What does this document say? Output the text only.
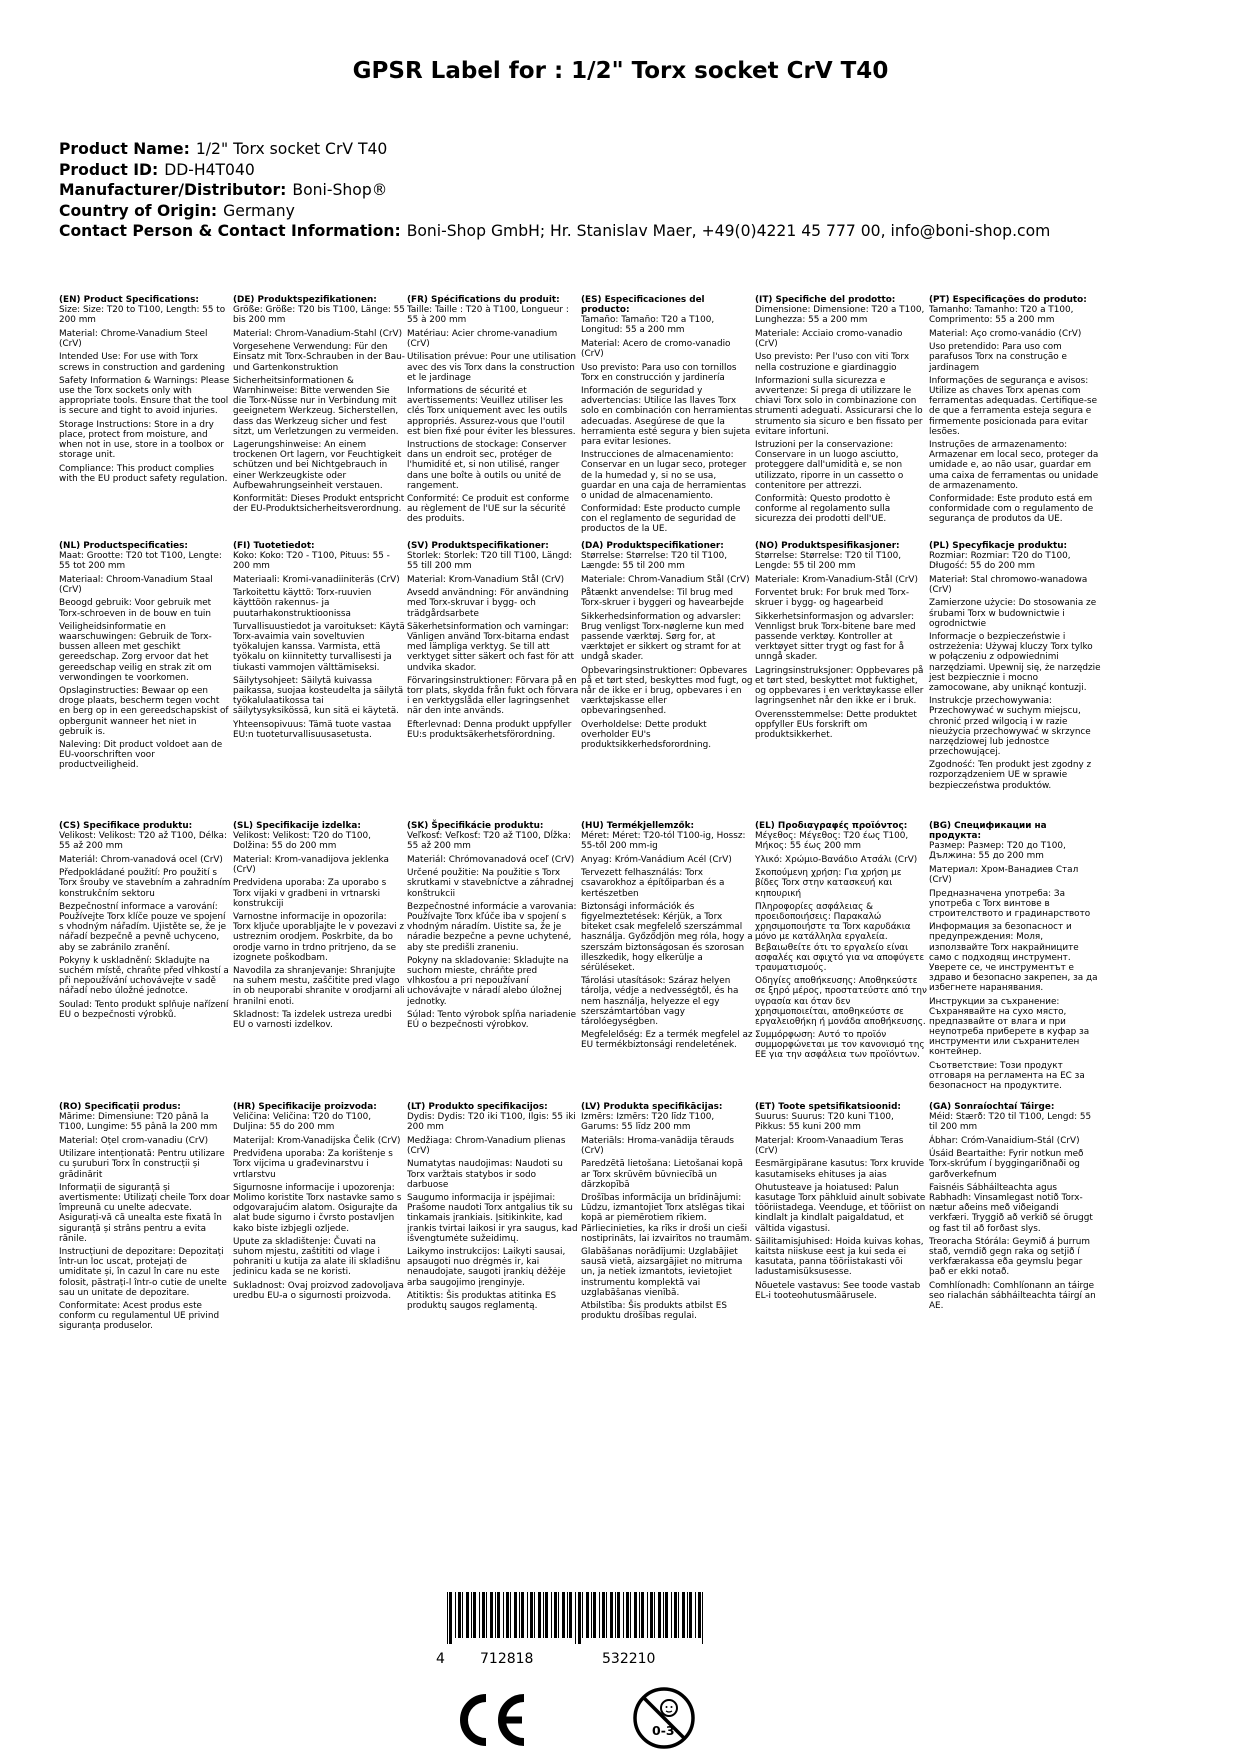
GPSR Label for : 1/2" Torx socket CrV T40
Product Name: 1/2" Torx socket CrV T40
Product ID: DD-H4T040
Manufacturer/Distributor: Boni-Shop®
Country of Origin: Germany
Contact Person & Contact Information: Boni-Shop GmbH; Hr. Stanislav Maer, +49(0)4221 45 777 00, info@boni-shop.com
(EN) Product Specifications:

Size: Size: T20 to T100, Length: 55 to 200 mm

Material: Chrome-Vanadium Steel (CrV)

Intended Use: For use with Torx screws in construction and gardening

Safety Information & Warnings: Please use the Torx sockets only with appropriate tools. Ensure that the tool is secure and tight to avoid injuries.

Storage Instructions: Store in a dry place, protect from moisture, and when not in use, store in a toolbox or storage unit.

Compliance: This product complies with the EU product safety regulation.

(DE) Produktspezifikationen:

Größe: Größe: T20 bis T100, Länge: 55 bis 200 mm

Material: Chrom-Vanadium-Stahl (CrV)

Vorgesehene Verwendung: Für den Einsatz mit Torx-Schrauben in der Bau- und Gartenkonstruktion

Sicherheitsinformationen & Warnhinweise: Bitte verwenden Sie die Torx-Nüsse nur in Verbindung mit geeignetem Werkzeug. Sicherstellen, dass das Werkzeug sicher und fest sitzt, um Verletzungen zu vermeiden.

Lagerungshinweise: An einem trockenen Ort lagern, vor Feuchtigkeit schützen und bei Nichtgebrauch in einer Werkzeugkiste oder Aufbewahrungseinheit verstauen.

Konformität: Dieses Produkt entspricht der EU-Produktsicherheitsverordnung.

(FR) Spécifications du produit:

Taille: Taille : T20 à T100, Longueur : 55 à 200 mm

Matériau: Acier chrome-vanadium (CrV)

Utilisation prévue: Pour une utilisation avec des vis Torx dans la construction et le jardinage

Informations de sécurité et avertissements: Veuillez utiliser les clés Torx uniquement avec les outils appropriés. Assurez-vous que l'outil est bien fixé pour éviter les blessures.

Instructions de stockage: Conserver dans un endroit sec, protéger de l'humidité et, si non utilisé, ranger dans une boîte à outils ou unité de rangement.

Conformité: Ce produit est conforme au règlement de l'UE sur la sécurité des produits.

(ES) Especificaciones del producto:

Tamaño: Tamaño: T20 a T100, Longitud: 55 a 200 mm

Material: Acero de cromo-vanadio (CrV)

Uso previsto: Para uso con tornillos Torx en construcción y jardinería

Información de seguridad y advertencias: Utilice las llaves Torx solo en combinación con herramientas adecuadas. Asegúrese de que la herramienta esté segura y bien sujeta para evitar lesiones.

Instrucciones de almacenamiento: Conservar en un lugar seco, proteger de la humedad y, si no se usa, guardar en una caja de herramientas o unidad de almacenamiento.

Conformidad: Este producto cumple con el reglamento de seguridad de productos de la UE.

(IT) Specifiche del prodotto:

Dimensione: Dimensione: T20 a T100, Lunghezza: 55 a 200 mm

Materiale: Acciaio cromo-vanadio (CrV)

Uso previsto: Per l'uso con viti Torx nella costruzione e giardinaggio

Informazioni sulla sicurezza e avvertenze: Si prega di utilizzare le chiavi Torx solo in combinazione con strumenti adeguati. Assicurarsi che lo strumento sia sicuro e ben fissato per evitare infortuni.

Istruzioni per la conservazione: Conservare in un luogo asciutto, proteggere dall'umidità e, se non utilizzato, riporre in un cassetto o contenitore per attrezzi.

Conformità: Questo prodotto è conforme al regolamento sulla sicurezza dei prodotti dell'UE.

(PT) Especificações do produto:

Tamanho: Tamanho: T20 a T100, Comprimento: 55 a 200 mm

Material: Aço cromo-vanádio (CrV)

Uso pretendido: Para uso com parafusos Torx na construção e jardinagem

Informações de segurança e avisos: Utilize as chaves Torx apenas com ferramentas adequadas. Certifique-se de que a ferramenta esteja segura e firmemente posicionada para evitar lesões.

Instruções de armazenamento: Armazenar em local seco, proteger da umidade e, ao não usar, guardar em uma caixa de ferramentas ou unidade de armazenamento.

Conformidade: Este produto está em conformidade com o regulamento de segurança de produtos da UE.

(NL) Productspecificaties:

Maat: Grootte: T20 tot T100, Lengte: 55 tot 200 mm

Materiaal: Chroom-Vanadium Staal (CrV)

Beoogd gebruik: Voor gebruik met Torx-schroeven in de bouw en tuin

Veiligheidsinformatie en waarschuwingen: Gebruik de Torx-bussen alleen met geschikt gereedschap. Zorg ervoor dat het gereedschap veilig en strak zit om verwondingen te voorkomen.

Opslaginstructies: Bewaar op een droge plaats, bescherm tegen vocht en berg op in een gereedschapskist of opbergunit wanneer het niet in gebruik is.

Naleving: Dit product voldoet aan de EU-voorschriften voor productveiligheid.

(FI) Tuotetiedot:

Koko: Koko: T20 - T100, Pituus: 55 - 200 mm

Materiaali: Kromi-vanadiiniteräs (CrV)

Tarkoitettu käyttö: Torx-ruuvien käyttöön rakennus- ja puutarhakonstruktioonissa

Turvallisuustiedot ja varoitukset: Käytä Torx-avaimia vain soveltuvien työkalujen kanssa. Varmista, että työkalu on kiinnitetty turvallisesti ja tiukasti vammojen välttämiseksi.

Säilytysohjeet: Säilytä kuivassa paikassa, suojaa kosteudelta ja säilytä työkalulaatikossa tai säilytysyksikössä, kun sitä ei käytetä.

Yhteensopivuus: Tämä tuote vastaa EU:n tuoteturvallisuusasetusta.

(SV) Produktspecifikationer:

Storlek: Storlek: T20 till T100, Längd: 55 till 200 mm

Material: Krom-Vanadium Stål (CrV)

Avsedd användning: För användning med Torx-skruvar i bygg- och trädgårdsarbete

Säkerhetsinformation och varningar: Vänligen använd Torx-bitarna endast med lämpliga verktyg. Se till att verktyget sitter säkert och fast för att undvika skador.

Förvaringsinstruktioner: Förvara på en torr plats, skydda från fukt och förvara i en verktygslåda eller lagringsenhet när den inte används.

Efterlevnad: Denna produkt uppfyller EU:s produktsäkerhetsförordning.

(DA) Produktspecifikationer:

Størrelse: Størrelse: T20 til T100, Længde: 55 til 200 mm

Materiale: Chrom-Vanadium Stål (CrV)

Påtænkt anvendelse: Til brug med Torx-skruer i byggeri og havearbejde

Sikkerhedsinformation og advarsler: Brug venligst Torx-nøglerne kun med passende værktøj. Sørg for, at værktøjet er sikkert og stramt for at undgå skader.

Opbevaringsinstruktioner: Opbevares på et tørt sted, beskyttes mod fugt, og når de ikke er i brug, opbevares i en værktøjskasse eller opbevaringsenhed.

Overholdelse: Dette produkt overholder EU's produktsikkerhedsforordning.

(NO) Produktspesifikasjoner:

Størrelse: Størrelse: T20 til T100, Lengde: 55 til 200 mm

Materiale: Krom-Vanadium-Stål (CrV)

Forventet bruk: For bruk med Torx-skruer i bygg- og hagearbeid

Sikkerhetsinformasjon og advarsler: Vennligst bruk Torx-bitene bare med passende verktøy. Kontroller at verktøyet sitter trygt og fast for å unngå skader.

Lagringsinstruksjoner: Oppbevares på et tørt sted, beskyttet mot fuktighet, og oppbevares i en verktøykasse eller lagringsenhet når den ikke er i bruk.

Overensstemmelse: Dette produktet oppfyller EUs forskrift om produktsikkerhet.

(PL) Specyfikacje produktu:

Rozmiar: Rozmiar: T20 do T100, Długość: 55 do 200 mm

Materiał: Stal chromowo-wanadowa (CrV)

Zamierzone użycie: Do stosowania ze śrubami Torx w budownictwie i ogrodnictwie

Informacje o bezpieczeństwie i ostrzeżenia: Używaj kluczy Torx tylko w połączeniu z odpowiednimi narzędziami. Upewnij się, że narzędzie jest bezpiecznie i mocno zamocowane, aby uniknąć kontuzji.

Instrukcje przechowywania: Przechowywać w suchym miejscu, chronić przed wilgocią i w razie nieużycia przechowywać w skrzynce narzędziowej lub jednostce przechowującej.

Zgodność: Ten produkt jest zgodny z rozporządzeniem UE w sprawie bezpieczeństwa produktów.

(CS) Specifikace produktu:

Velikost: Velikost: T20 až T100, Délka: 55 až 200 mm

Materiál: Chrom-vanadová ocel (CrV)

Předpokládané použití: Pro použití s Torx šrouby ve stavebním a zahradním konstrukčním sektoru

Bezpečnostní informace a varování: Používejte Torx klíče pouze ve spojení s vhodným nářadím. Ujistěte se, že je nářadí bezpečně a pevně uchyceno, aby se zabránilo zranění.

Pokyny k uskladnění: Skladujte na suchém místě, chraňte před vlhkostí a při nepoužívání uchovávejte v sadě nářadí nebo úložné jednotce.

Soulad: Tento produkt splňuje nařízení EU o bezpečnosti výrobků.

(SL) Specifikacije izdelka:

Velikost: Velikost: T20 do T100, Dolžina: 55 do 200 mm

Material: Krom-vanadijova jeklenka (CrV)

Predvidena uporaba: Za uporabo s Torx vijaki v gradbeni in vrtnarski konstrukciji

Varnostne informacije in opozorila: Torx ključe uporabljajte le v povezavi z ustreznim orodjem. Poskrbite, da bo orodje varno in trdno pritrjeno, da se izognete poškodbam.

Navodila za shranjevanje: Shranjujte na suhem mestu, zaščitite pred vlago in ob neuporabi shranite v orodjarni ali hranilni enoti.

Skladnost: Ta izdelek ustreza uredbi EU o varnosti izdelkov.

(SK) Špecifikácie produktu:

Veľkosť: Veľkosť: T20 až T100, Dĺžka: 55 až 200 mm

Materiál: Chrómovanadová oceľ (CrV)

Určené použitie: Na použitie s Torx skrutkami v stavebníctve a záhradnej konštrukcii

Bezpečnostné informácie a varovania: Používajte Torx kľúče iba v spojení s vhodným náradím. Uistite sa, že je náradie bezpečne a pevne uchytené, aby ste predišli zraneniu.

Pokyny na skladovanie: Skladujte na suchom mieste, chráňte pred vlhkosťou a pri nepoužívaní uchovávajte v náradí alebo úložnej jednotky.

Súlad: Tento výrobok spĺňa nariadenie EÚ o bezpečnosti výrobkov.

(HU) Termékjellemzők:

Méret: Méret: T20-tól T100-ig, Hossz: 55-től 200 mm-ig

Anyag: Króm-Vanádium Acél (CrV)

Tervezett felhasználás: Torx csavarokhoz a építőiparban és a kertészetben

Biztonsági információk és figyelmeztetések: Kérjük, a Torx biteket csak megfelelő szerszámmal használja. Győződjön meg róla, hogy a szerszám biztonságosan és szorosan illeszkedik, hogy elkerülje a sérüléseket.

Tárolási utasítások: Száraz helyen tárolja, védje a nedvességtől, és ha nem használja, helyezze el egy szerszámtartóban vagy tárolóegységben.

Megfelelőség: Ez a termék megfelel az EU termékbiztonsági rendeletének.

(EL) Προδιαγραφές προϊόντος:

Μέγεθος: Μέγεθος: T20 έως T100, Μήκος: 55 έως 200 mm

Υλικό: Χρώμιο-Βανάδιο Ατσάλι (CrV)

Σκοπούμενη χρήση: Για χρήση με βίδες Torx στην κατασκευή και κηπουρική

Πληροφορίες ασφάλειας & προειδοποιήσεις: Παρακαλώ χρησιμοποιήστε τα Torx καρυδάκια μόνο με κατάλληλα εργαλεία. Βεβαιωθείτε ότι το εργαλείο είναι ασφαλές και σφιχτό για να αποφύγετε τραυματισμούς.

Οδηγίες αποθήκευσης: Αποθηκεύστε σε ξηρό μέρος, προστατεύστε από την υγρασία και όταν δεν χρησιμοποιείται, αποθηκεύστε σε εργαλειοθήκη ή μονάδα αποθήκευσης.

Συμμόρφωση: Αυτό το προϊόν συμμορφώνεται με τον κανονισμό της ΕΕ για την ασφάλεια των προϊόντων.

(BG) Спецификации на продукта:

Размер: Размер: T20 до T100, Дължина: 55 до 200 mm

Материал: Хром-Ванадиев Стал (CrV)

Предназначена употреба: За употреба с Torx винтове в строителството и градинарството

Информация за безопасност и предупреждения: Моля, използвайте Torx накрайниците само с подходящ инструмент. Уверете се, че инструментът е здраво и безопасно закрепен, за да избегнете наранявания.

Инструкции за съхранение: Съхранявайте на сухо място, предпазвайте от влага и при неупотреба приберете в куфар за инструменти или съхранителен контейнер.

Съответствие: Този продукт отговаря на регламента на ЕС за безопасност на продуктите.

(RO) Specificații produs:

Mărime: Dimensiune: T20 până la T100, Lungime: 55 până la 200 mm

Material: Oțel crom-vanadiu (CrV)

Utilizare intenționată: Pentru utilizare cu șuruburi Torx în construcții și grădinărit

Informații de siguranță și avertismente: Utilizați cheile Torx doar împreună cu unelte adecvate. Asigurați-vă că unealta este fixată în siguranță și strâns pentru a evita rănile.

Instrucțiuni de depozitare: Depozitați într-un loc uscat, protejați de umiditate și, în cazul în care nu este folosit, păstrați-l într-o cutie de unelte sau un unitate de depozitare.

Conformitate: Acest produs este conform cu regulamentul UE privind siguranța produselor.

(HR) Specifikacije proizvoda:

Veličina: Veličina: T20 do T100, Duljina: 55 do 200 mm

Materijal: Krom-Vanadijska Čelik (CrV)

Predviđena uporaba: Za korištenje s Torx vijcima u građevinarstvu i vrtlarstvu

Sigurnosne informacije i upozorenja: Molimo koristite Torx nastavke samo s odgovarajućim alatom. Osigurajte da alat bude sigurno i čvrsto postavljen kako biste izbjegli ozljede.

Upute za skladištenje: Čuvati na suhom mjestu, zaštititi od vlage i pohraniti u kutija za alate ili skladišnu jedinicu kada se ne koristi.

Sukladnost: Ovaj proizvod zadovoljava uredbu EU-a o sigurnosti proizvoda.

(LT) Produkto specifikacijos:

Dydis: Dydis: T20 iki T100, Ilgis: 55 iki 200 mm

Medžiaga: Chrom-Vanadium plienas (CrV)

Numatytas naudojimas: Naudoti su Torx varžtais statybos ir sodo darbuose

Saugumo informacija ir įspėjimai: Prašome naudoti Torx antgalius tik su tinkamais įrankiais. Įsitikinkite, kad įrankis tvirtai laikosi ir yra saugus, kad išvengtumėte sužeidimų.

Laikymo instrukcijos: Laikyti sausai, apsaugoti nuo drėgmės ir, kai nenaudojate, saugoti įrankių dėžėje arba saugojimo įrenginyje.

Atitiktis: Šis produktas atitinka ES produktų saugos reglamentą.

(LV) Produkta specifikācijas:

Izmērs: Izmērs: T20 līdz T100, Garums: 55 līdz 200 mm

Materiāls: Hroma-vanādija tērauds (CrV)

Paredzētā lietošana: Lietošanai kopā ar Torx skrūvēm būvniecībā un dārzkopībā

Drošības informācija un brīdinājumi: Lūdzu, izmantojiet Torx atslēgas tikai kopā ar piemērotiem rīkiem. Pārliecinieties, ka rīks ir droši un cieši nostiprināts, lai izvairītos no traumām.

Glabāšanas norādījumi: Uzglabājiet sausā vietā, aizsargājiet no mitruma un, ja netiek izmantots, ievietojiet instrumentu komplektā vai uzglabāšanas vienībā.

Atbilstība: Šis produkts atbilst ES produktu drošības regulai.

(ET) Toote spetsifikatsioonid:

Suurus: Suurus: T20 kuni T100, Pikkus: 55 kuni 200 mm

Materjal: Kroom-Vanaadium Teras (CrV)

Eesmärgipärane kasutus: Torx kruvide kasutamiseks ehituses ja aias

Ohutusteave ja hoiatused: Palun kasutage Torx pähkluid ainult sobivate tööriistadega. Veenduge, et tööriist on kindlalt ja kindlalt paigaldatud, et vältida vigastusi.

Säilitamisjuhised: Hoida kuivas kohas, kaitsta niiskuse eest ja kui seda ei kasutata, panna tööriistakasti või ladustamisüksusesse.

Nõuetele vastavus: See toode vastab EL-i tooteohutusmäärusele.

(GA) Sonraíochtaí Táirge:

Méid: Stærð: T20 til T100, Lengd: 55 til 200 mm

Ábhar: Cróm-Vanaidium-Stál (CrV)

Úsáid Beartaithe: Fyrir notkun með Torx-skrúfum í byggingariðnaði og garðverkefnum

Faisnéis Sábháilteachta agus Rabhadh: Vinsamlegast notið Torx-nætur aðeins með viðeigandi verkfæri. Tryggið að verkið sé öruggt og fast til að forðast slys.

Treoracha Stórála: Geymið á þurrum stað, verndið gegn raka og setjið í verkfærakassa eða geymslu þegar það er ekki notað.

Comhlíonadh: Comhlíonann an táirge seo rialachán sábháilteachta táirgí an AE.

4	712818	532210
0-3
